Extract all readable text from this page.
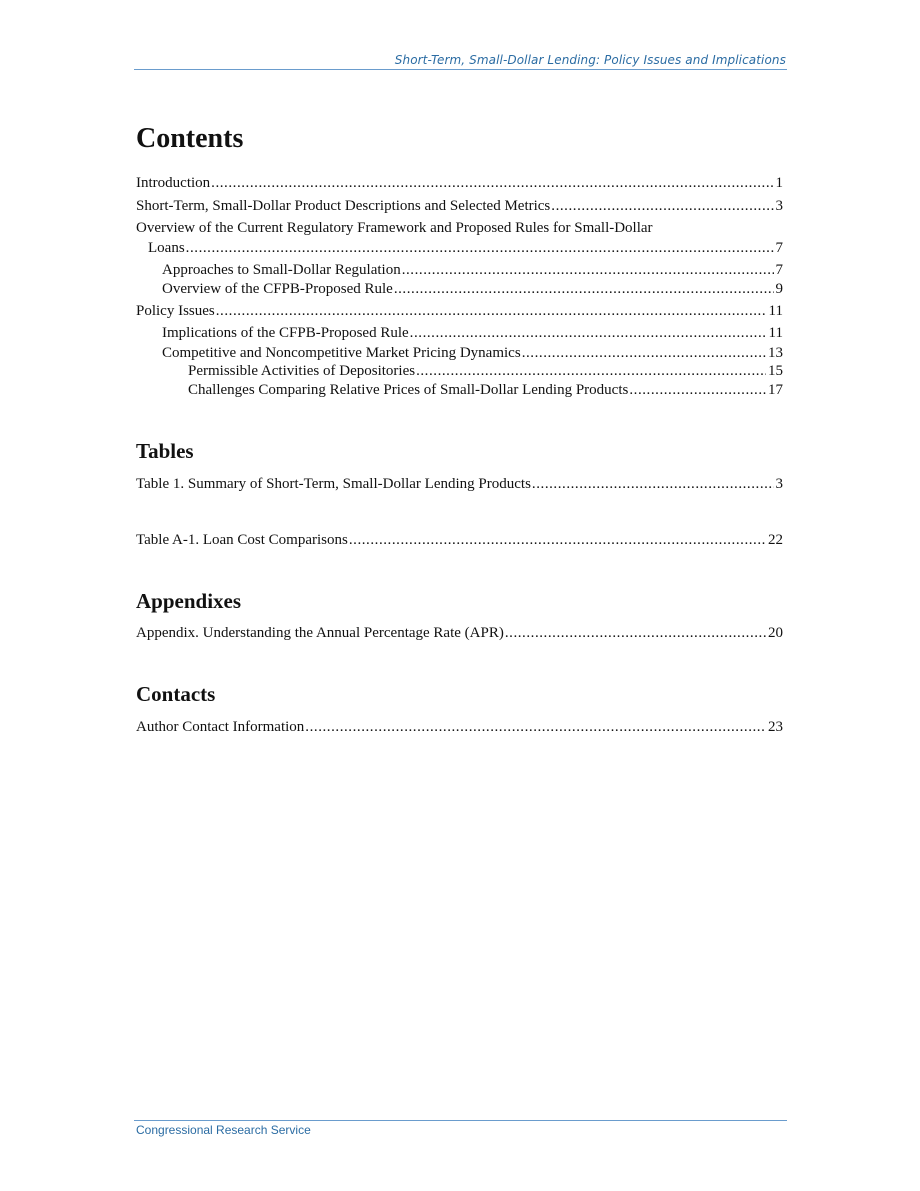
Short-Term, Small-Dollar Lending: Policy Issues and Implications
Contents
Introduction . . .	1
Short-Term, Small-Dollar Product Descriptions and Selected Metrics . . .	3
Overview of the Current Regulatory Framework and Proposed Rules for Small-Dollar
Loans . . .	7
Approaches to Small-Dollar Regulation . . .	7
Overview of the CFPB-Proposed Rule . . .	9
Policy Issues . . .	11
Implications of the CFPB-Proposed Rule . . .	11
Competitive and Noncompetitive Market Pricing Dynamics . . .	13
Permissible Activities of Depositories . . .	15
Challenges Comparing Relative Prices of Small-Dollar Lending Products . . .	17
Tables
Table 1. Summary of Short-Term, Small-Dollar Lending Products . . .	3
Table A-1. Loan Cost Comparisons . . .	22
Appendixes
Appendix. Understanding the Annual Percentage Rate (APR) . . .	20
Contacts
Author Contact Information . . .	23
Congressional Research Service
